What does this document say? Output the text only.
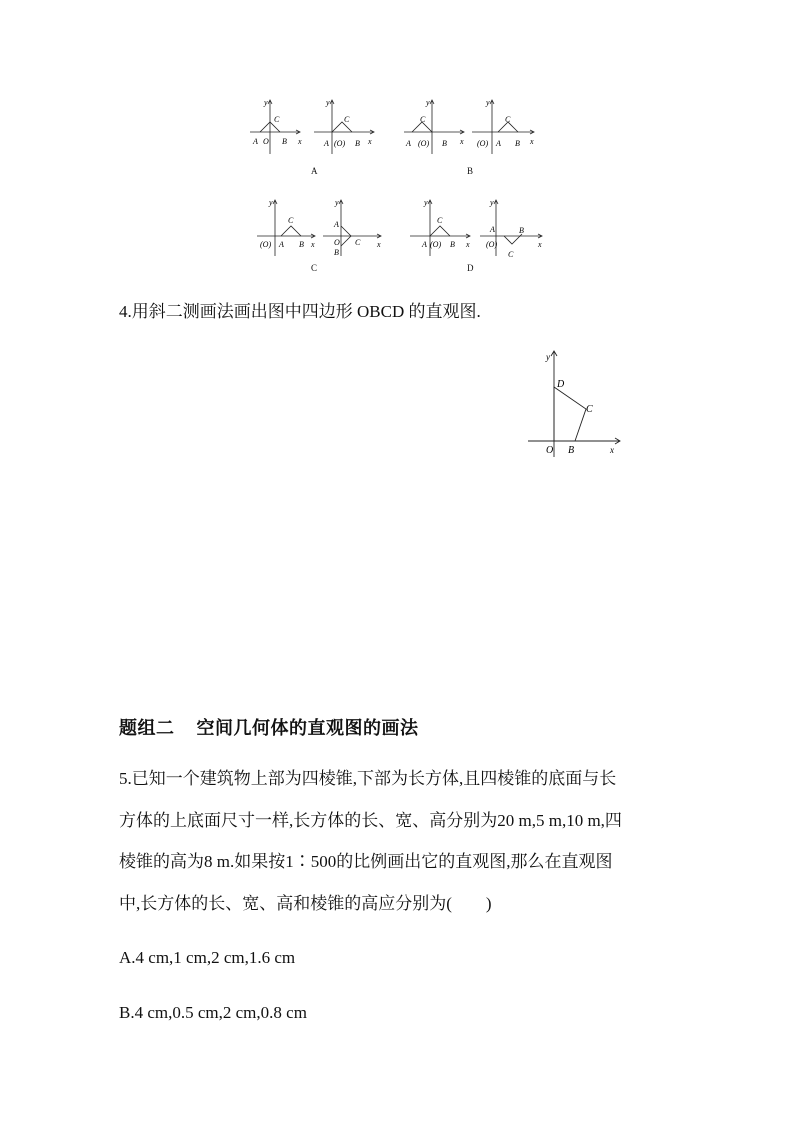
y
x
A O B
C
y
x
A (O) B
C
A
y
x
A (O) B
C
y
x
(O) A B
C
B
y
x
(O) A B
C
y
x
A
O
B
C
C
y
x
A (O) B
C
y
x
A
(O)
B
C
D
4.用斜二测画法画出图中四边形 OBCD 的直观图.
y
x
D
C
O B
题组二 空间几何体的直观图的画法
5.已知一个建筑物上部为四棱锥,下部为长方体,且四棱锥的底面与长
方体的上底面尺寸一样,长方体的长、宽、高分别为20 m,5 m,10 m,四
棱锥的高为8 m.如果按1∶500的比例画出它的直观图,那么在直观图
中,长方体的长、宽、高和棱锥的高应分别为(　　)
A.4 cm,1 cm,2 cm,1.6 cm
B.4 cm,0.5 cm,2 cm,0.8 cm
